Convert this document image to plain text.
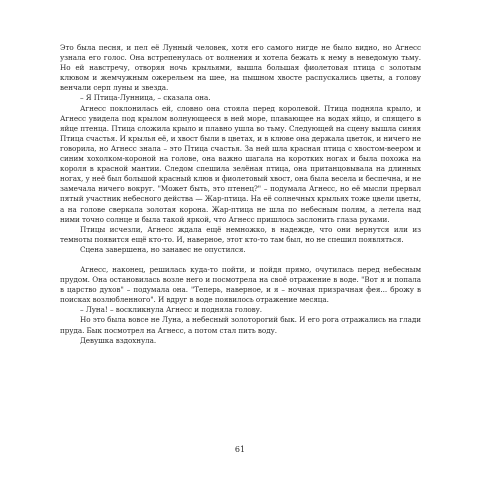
Это была песня, и пел её Лунный человек, хотя его самого нигде не было видно, но Агнесс узнала его голос. Она встрепенулась от волнения и хотела бежать к нему в неведомую тьму. Но ей навстречу, отворяя ночь крыльями, вышла большая фиолетовая птица с золотым клювом и жемчужным ожерельем на шее, на пышном хвосте распускались цветы, а голову венчали серп луны и звезда.

– Я Птица-Лунница, – сказала она.

Агнесс поклонилась ей, словно она стояла перед королевой. Птица подняла крыло, и Агнесс увидела под крылом волнующееся в ней море, плавающее на водах яйцо, и спящего в яйце птенца. Птица сложила крыло и плавно ушла во тьму. Следующей на сцену вышла синяя Птица счастья. И крылья её, и хвост были в цветах, и в клюве она держала цветок, и ничего не говорила, но Агнесс знала – это Птица счастья. За ней шла красная птица с хвостом-веером и синим хохолком-короной на голове, она важно шагала на коротких ногах и была похожа на короля в красной мантии. Следом спешила зелёная птица, она пританцовывала на длинных ногах, у неё был большой красный клюв и фиолетовый хвост, она была весела и беспечна, и не замечала ничего вокруг. "Может быть, это птенец?" – подумала Агнесс, но её мысли прервал пятый участник небесного действа — Жар-птица. На её солнечных крыльях тоже цвели цветы, а на голове сверкала золотая корона. Жар-птица не шла по небесным полям, а летела над ними точно солнце и была такой яркой, что Агнесс пришлось заслонить глаза руками.

Птицы исчезли, Агнесс ждала ещё немножко, в надежде, что они вернутся или из темноты появится ещё кто-то. И, наверное, этот кто-то там был, но не спешил появляться.

Сцена завершена, но занавес не опустился.

Агнесс, наконец, решилась куда-то пойти, и пойдя прямо, очутилась перед небесным прудом. Она остановилась возле него и посмотрела на своё отражение в воде. "Вот я и попала в царство духов" – подумала она. "Теперь, наверное, и я – ночная призрачная фея... брожу в поисках возлюбленного". И вдруг в воде появилось отражение месяца.

– Луна! – воскликнула Агнесс и подняла голову.

Но это была вовсе не Луна, а небесный золоторогий бык. И его рога отражались на глади пруда. Бык посмотрел на Агнесс, а потом стал пить воду.

Девушка вздохнула.

61
